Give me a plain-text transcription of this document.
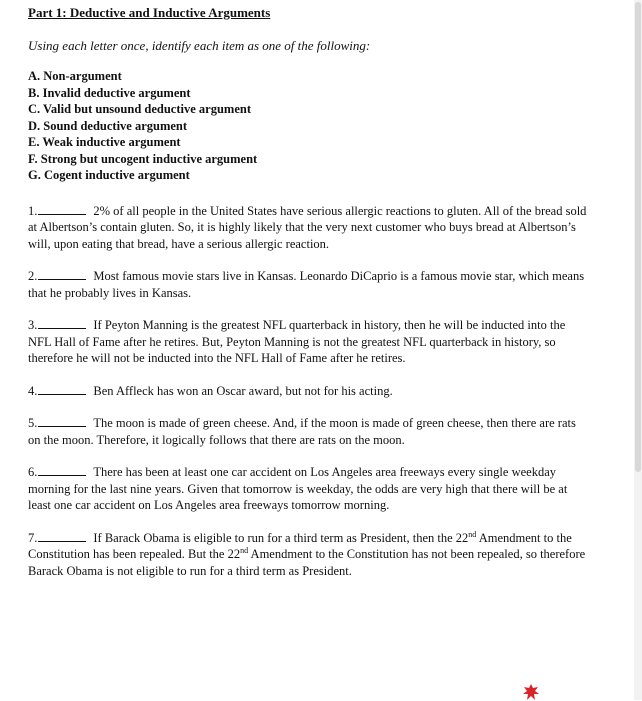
Part 1: Deductive and Inductive Arguments

Using each letter once, identify each item as one of the following:

A. Non-argument
B. Invalid deductive argument
C. Valid but unsound deductive argument
D. Sound deductive argument
E. Weak inductive argument
F. Strong but uncogent inductive argument
G. Cogent inductive argument

1.	2% of all people in the United States have serious allergic reactions to gluten. All of the bread sold at Albertson’s contain gluten. So, it is highly likely that the very next customer who buys bread at Albertson’s will, upon eating that bread, have a serious allergic reaction.

2.	Most famous movie stars live in Kansas. Leonardo DiCaprio is a famous movie star, which means that he probably lives in Kansas.

3.	If Peyton Manning is the greatest NFL quarterback in history, then he will be inducted into the NFL Hall of Fame after he retires. But, Peyton Manning is not the greatest NFL quarterback in history, so therefore he will not be inducted into the NFL Hall of Fame after he retires.

4.	Ben Affleck has won an Oscar award, but not for his acting.

5.	The moon is made of green cheese. And, if the moon is made of green cheese, then there are rats on the moon. Therefore, it logically follows that there are rats on the moon.

6.	There has been at least one car accident on Los Angeles area freeways every single weekday morning for the last nine years. Given that tomorrow is weekday, the odds are very high that there will be at least one car accident on Los Angeles area freeways tomorrow morning.

7.	If Barack Obama is eligible to run for a third term as President, then the 22nd Amendment to the Constitution has been repealed. But the 22nd Amendment to the Constitution has not been repealed, so therefore Barack Obama is not eligible to run for a third term as President.
